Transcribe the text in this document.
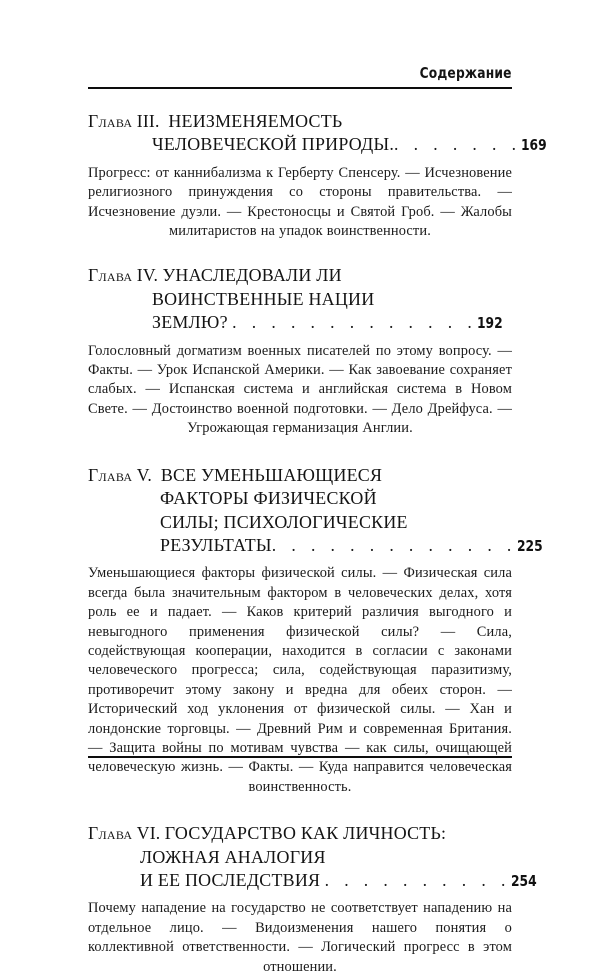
Содержание
Глава III. НЕИЗМЕНЯЕМОСТЬ
ЧЕЛОВЕЧЕСКОЙ ПРИРОДЫ.. . . . . . .169

Прогресс: от каннибализма к Герберту Спенсеру. — Исчезновение религиозного принуждения со стороны правительства. — Исчезновение дуэли. — Крестоносцы и Святой Гроб. — Жалобы милитаристов на упадок воинственности.

Глава IV. УНАСЛЕДОВАЛИ ЛИ
ВОИНСТВЕННЫЕ НАЦИИ
ЗЕМЛЮ? . . . . . . . . . . . . .192

Голословный догматизм военных писателей по этому вопросу. — Факты. — Урок Испанской Америки. — Как завоевание сохраняет слабых. — Испанская система и английская система в Новом Свете. — Достоинство военной подготовки. — Дело Дрейфуса. — Угрожающая германизация Англии.

Глава V. ВСЕ УМЕНЬШАЮЩИЕСЯ
ФАКТОРЫ ФИЗИЧЕСКОЙ
СИЛЫ; ПСИХОЛОГИЧЕСКИЕ
РЕЗУЛЬТАТЫ. . . . . . . . . . . . .225

Уменьшающиеся факторы физической силы. — Физическая сила всегда была значительным фактором в человеческих делах, хотя роль ее и падает. — Каков критерий различия выгодного и невыгодного применения физической силы? — Сила, содействующая кооперации, находится в согласии с законами человеческого прогресса; сила, содействующая паразитизму, противоречит этому закону и вредна для обеих сторон. — Исторический ход уклонения от физической силы. — Хан и лондонские торговцы. — Древний Рим и современная Британия. — Защита войны по мотивам чувства — как силы, очищающей человеческую жизнь. — Факты. — Куда направится человеческая воинственность.

Глава VI. ГОСУДАРСТВО КАК ЛИЧНОСТЬ:
ЛОЖНАЯ АНАЛОГИЯ
И ЕЕ ПОСЛЕДСТВИЯ . . . . . . . . . .254

Почему нападение на государство не соответствует нападению на отдельное лицо. — Видоизменения нашего понятия о коллективной ответственности. — Логический прогресс в этом отношении.
